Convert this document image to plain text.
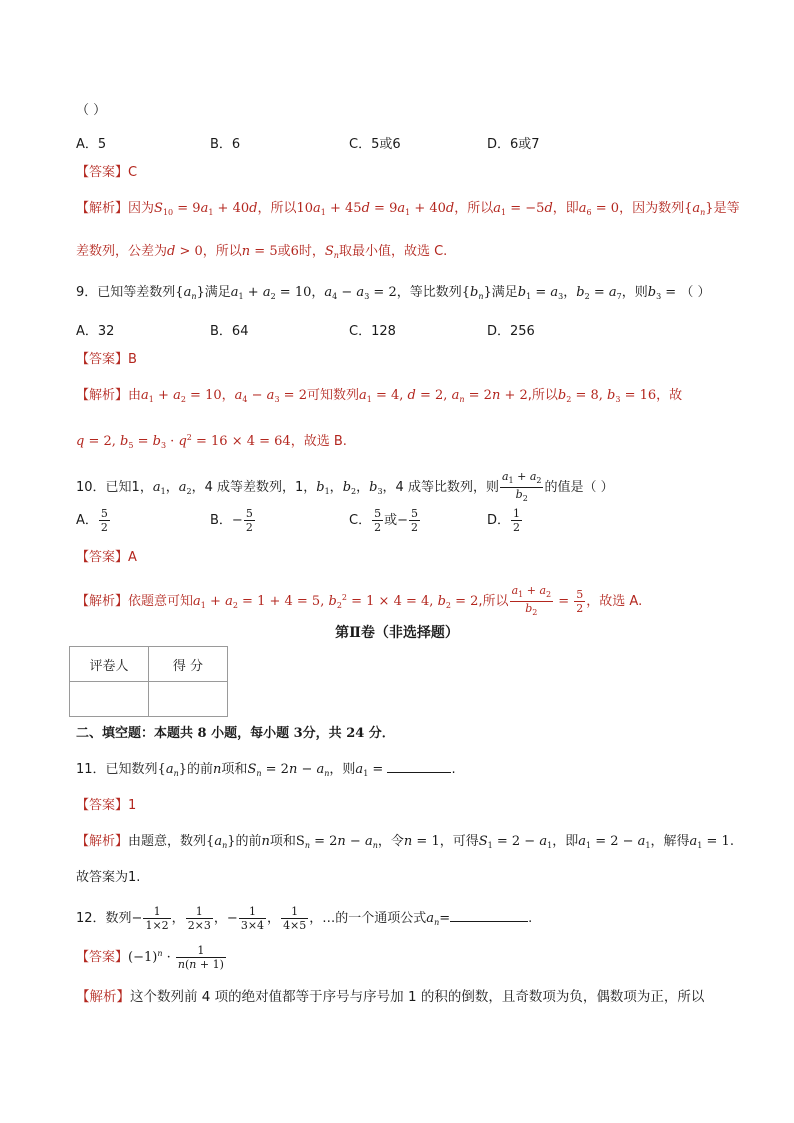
（ ）
A．5	B．6	C．5或6	D．6或7
【答案】C
【解析】因为$S_{10} = 9a_1 + 40d$，所以$10a_1 + 45d = 9a_1 + 40d$，所以$a_1 = -5d$，即$a_6 = 0$，因为数列$\{a_n\}$是等
差数列，公差为d > 0，所以n = 5或6时，$S_n$取最小值，故选 C.
9．已知等差数列$\{a_n\}$满足$a_1 + a_2 = 10$，$a_4 - a_3 = 2$，等比数列$\{b_n\}$满足$b_1 = a_3$，$b_2 = a_7$，则$b_3$ = （ ）
A．32	B．64	C．128	D．256
【答案】B
【解析】由$a_1 + a_2 = 10$，$a_4 - a_3 = 2$可知数列$a_1 = 4$, d = 2, $a_n = 2n + 2$,所以$b_2 = 8$, $b_3 = 16$，故
q = 2, $b_5 = b_3 \cdot q^2 = 16 \times 4 = 64$，故选 B.
10．已知1，$a_1$，$a_2$，4 成等差数列，1，$b_1$，$b_2$，$b_3$，4 成等比数列，则 $\frac{a_1 + a_2}{b_2}$ 的值是（ ）
A． $\frac{5}{2}$	B．− $\frac{5}{2}$	C． $\frac{5}{2}$ 或− $\frac{5}{2}$	D． $\frac{1}{2}$
【答案】A
【解析】依题意可知$a_1 + a_2 = 1 + 4 = 5$, $b_2^2 = 1 \times 4 = 4$, $b_2 = 2$,所以 $\frac{a_1 + a_2}{b_2} = \frac{5}{2}$ ，故选 A.
第Ⅱ卷（非选择题）
评卷人	得 分

二、填空题：本题共 8 小题，每小题 3分，共 24 分．
11．已知数列$\{a_n\}$的前n项和$S_n = 2n - a_n$，则$a_1$ =	.
【答案】1
【解析】由题意，数列$\{a_n\}$的前n项和$S_n = 2n - a_n$，令n = 1，可得$S_1 = 2 - a_1$，即$a_1 = 2 - a_1$，解得$a_1 = 1$.
故答案为1.
12．数列− $\frac{1}{1\times 2}$ ， $\frac{1}{2\times 3}$ ，− $\frac{1}{3\times 4}$ ， $\frac{1}{4\times 5}$ ，…的一个通项公式$a_n=$	.
【答案】$(-1)^n \cdot \frac{1}{n(n + 1)}$
【解析】这个数列前 4 项的绝对值都等于序号与序号加 1 的积的倒数，且奇数项为负，偶数项为正，所以
